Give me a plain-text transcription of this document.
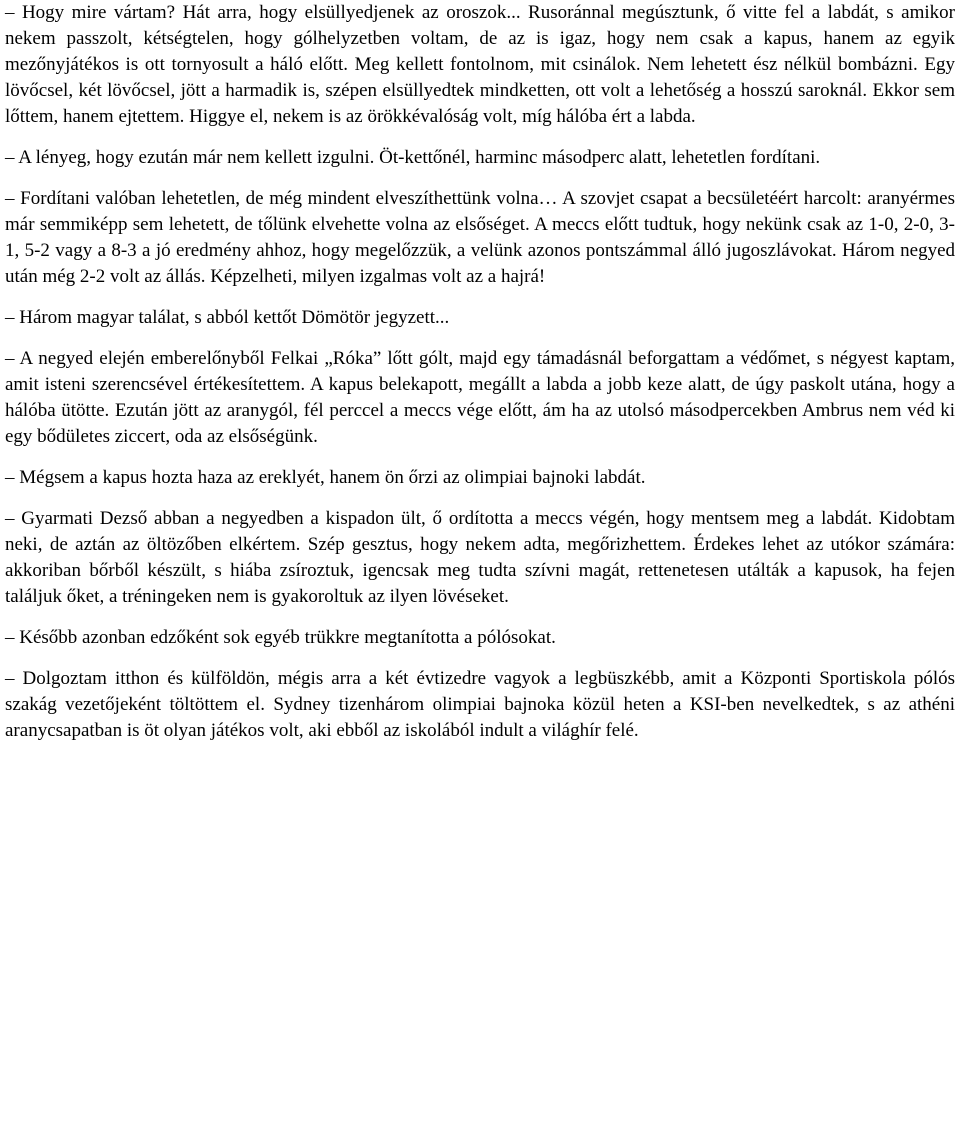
– Hogy mire vártam? Hát arra, hogy elsüllyedjenek az oroszok... Rusoránnal megúsztunk, ő vitte fel a labdát, s amikor nekem passzolt, kétségtelen, hogy gólhelyzetben voltam, de az is igaz, hogy nem csak a kapus, hanem az egyik mezőnyjátékos is ott tornyosult a háló előtt. Meg kellett fontolnom, mit csinálok. Nem lehetett ész nélkül bombázni. Egy lövőcsel, két lövőcsel, jött a harmadik is, szépen elsüllyedtek mindketten, ott volt a lehetőség a hosszú saroknál. Ekkor sem lőttem, hanem ejtettem. Higgye el, nekem is az örökkévalóság volt, míg hálóba ért a labda.

– A lényeg, hogy ezután már nem kellett izgulni. Öt-kettőnél, harminc másodperc alatt, lehetetlen fordítani.

– Fordítani valóban lehetetlen, de még mindent elveszíthettünk volna… A szovjet csapat a becsületéért harcolt: aranyérmes már semmiképp sem lehetett, de tőlünk elvehette volna az elsőséget. A meccs előtt tudtuk, hogy nekünk csak az 1-0, 2-0, 3-1, 5-2 vagy a 8-3 a jó eredmény ahhoz, hogy megelőzzük, a velünk azonos pontszámmal álló jugoszlávokat. Három negyed után még 2-2 volt az állás. Képzelheti, milyen izgalmas volt az a hajrá!

– Három magyar találat, s abból kettőt Dömötör jegyzett...

– A negyed elején emberelőnyből Felkai „Róka” lőtt gólt, majd egy támadásnál beforgattam a védőmet, s négyest kaptam, amit isteni szerencsével értékesítettem. A kapus belekapott, megállt a labda a jobb keze alatt, de úgy paskolt utána, hogy a hálóba ütötte. Ezután jött az aranygól, fél perccel a meccs vége előtt, ám ha az utolsó másodpercekben Ambrus nem véd ki egy bődületes ziccert, oda az elsőségünk.

– Mégsem a kapus hozta haza az ereklyét, hanem ön őrzi az olimpiai bajnoki labdát.

– Gyarmati Dezső abban a negyedben a kispadon ült, ő ordította a meccs végén, hogy mentsem meg a labdát. Kidobtam neki, de aztán az öltözőben elkértem. Szép gesztus, hogy nekem adta, megőrizhettem. Érdekes lehet az utókor számára: akkoriban bőrből készült, s hiába zsíroztuk, igencsak meg tudta szívni magát, rettenetesen utálták a kapusok, ha fejen találjuk őket, a tréningeken nem is gyakoroltuk az ilyen lövéseket.

– Később azonban edzőként sok egyéb trükkre megtanította a pólósokat.

– Dolgoztam itthon és külföldön, mégis arra a két évtizedre vagyok a legbüszkébb, amit a Központi Sportiskola pólós szakág vezetőjeként töltöttem el. Sydney tizenhárom olimpiai bajnoka közül heten a KSI-ben nevelkedtek, s az athéni aranycsapatban is öt olyan játékos volt, aki ebből az iskolából indult a világhír felé.
